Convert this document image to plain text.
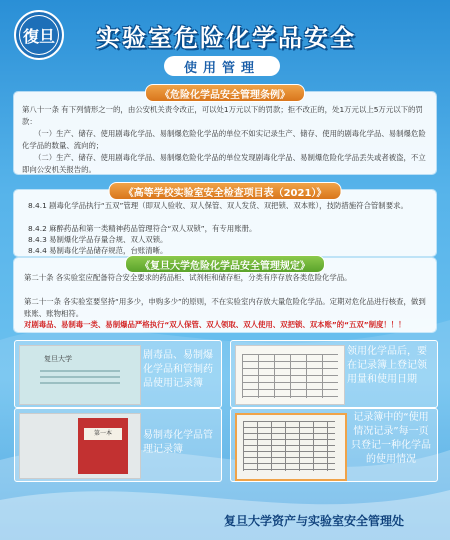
復旦 实验室危险化学品安全
使用管理
《危险化学品安全管理条例》
第八十一条 有下列情形之一的，由公安机关责令改正，可以处1万元以下的罚款；拒不改正的，处1万元以上5万元以下的罚款：
（一）生产、储存、使用剧毒化学品、易制爆危险化学品的单位不如实记录生产、储存、使用的剧毒化学品、易制爆危险化学品的数量、流向的；
（二）生产、储存、使用剧毒化学品、易制爆危险化学品的单位发现剧毒化学品、易制爆危险化学品丢失或者被盗，不立即向公安机关报告的。
《高等学校实验室安全检查项目表（2021）》
8.4.1 剧毒化学品执行“五双”管理（即双人验收、双人保管、双人发货、双把锁、双本账），技防措施符合管制要求。
8.4.2 麻醉药品和第一类精神药品管理符合“双人双锁”，有专用账册。
8.4.3 易制爆化学品存量合规、双人双锁。
8.4.4 易制毒化学品储存规范，台账清晰。
《复旦大学危险化学品安全管理规定》
第二十条 各实验室应配备符合安全要求的药品柜、试剂柜和储存柜，分类有序存放各类危险化学品。
第二十一条 各实验室要坚持“用多少，申购多少”的原则，不在实验室内存放大量危险化学品。定期对危化品进行核查，做到账账、账物相符。
对剧毒品、易制毒一类、易制爆品严格执行“双人保管、双人领取、双人使用、双把锁、双本账”的“五双”制度！！！
复旦大学	剧毒品、易制爆化学品和管制药品使用记录簿
第一本	易制毒化学品管理记录簿
领用化学品后，要在记录簿上登记领用量和使用日期
记录簿中的“使用情况记录”每一页只登记一种化学品的使用情况
复旦大学资产与实验室安全管理处
